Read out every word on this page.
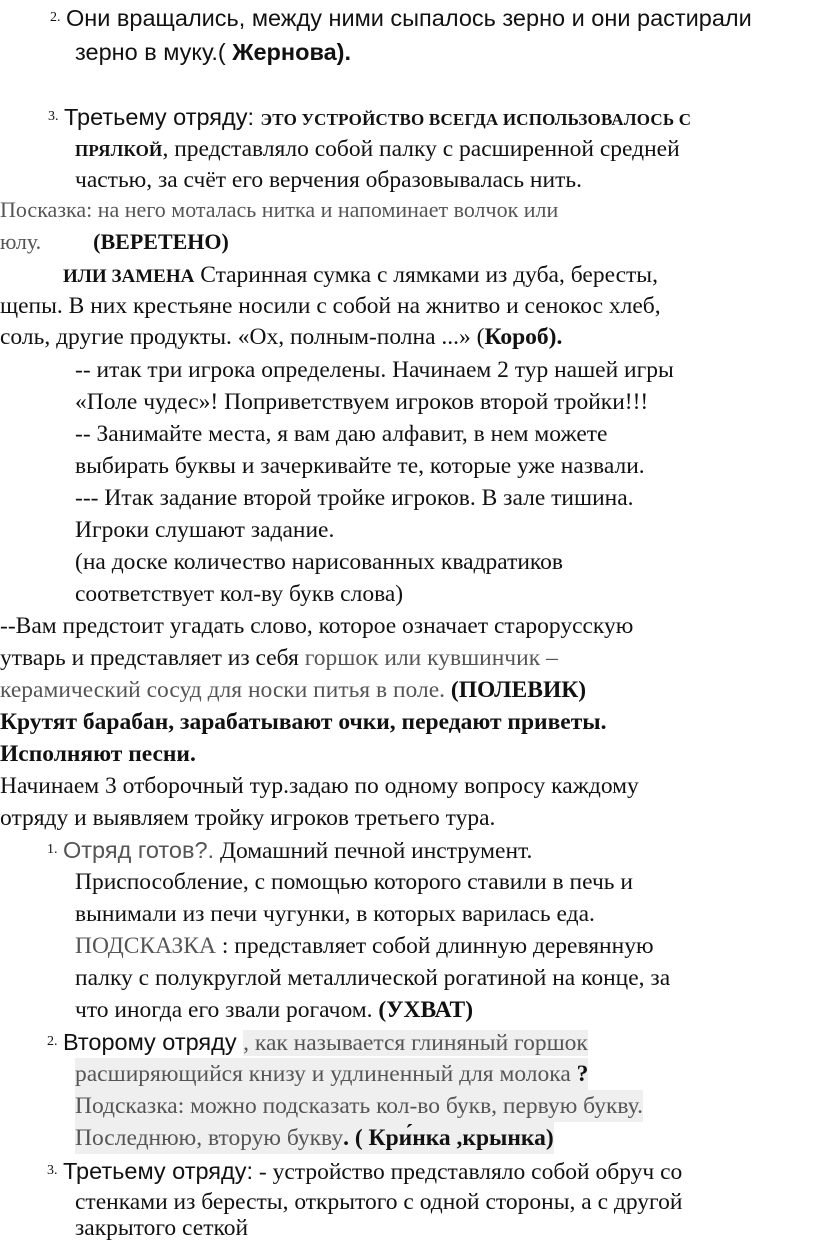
2. Они вращались, между ними сыпалось зерно и они растирали
зерно в муку.( Жернова).
3. Третьему отряду: ЭТО УСТРОЙСТВО ВСЕГДА ИСПОЛЬЗОВАЛОСЬ С
ПРЯЛКОЙ, представляло собой палку с расширенной средней
частью, за счёт его верчения образовывалась нить.
Посказка: на него моталась нитка и напоминает волчок или
юлу. (ВЕРЕТЕНО)
ИЛИ ЗАМЕНА Старинная сумка с лямками из дуба, бересты,
щепы. В них крестьяне носили с собой на жнитво и сенокос хлеб,
соль, другие продукты. «Ох, полным-полна ...» (Короб).
-- итак три игрока определены. Начинаем 2 тур нашей игры
«Поле чудес»! Поприветствуем игроков второй тройки!!!
-- Занимайте места, я вам даю алфавит, в нем можете
выбирать буквы и зачеркивайте те, которые уже назвали.
--- Итак задание второй тройке игроков. В зале тишина.
Игроки слушают задание.
(на доске количество нарисованных квадратиков
соответствует кол-ву букв слова)
--Вам предстоит угадать слово, которое означает старорусскую
утварь и представляет из себя горшок или кувшинчик –
керамический сосуд для носки питья в поле. (ПОЛЕВИК)
Крутят барабан, зарабатывают очки, передают приветы.
Исполняют песни.
Начинаем 3 отборочный тур.задаю по одному вопросу каждому
отряду и выявляем тройку игроков третьего тура.
1. Отряд готов?. Домашний печной инструмент.
Приспособление, с помощью которого ставили в печь и
вынимали из печи чугунки, в которых варилась еда.
ПОДСКАЗКА : представляет собой длинную деревянную
палку с полукруглой металлической рогатиной на конце, за
что иногда его звали рогачом. (УХВАТ)
2. Второму отряду , как называется глиняный горшок
расширяющийся книзу и удлиненный для молока ?
Подсказка: можно подсказать кол-во букв, первую букву.
Последнюю, вторую букву. ( Кри́нка ,крынка)
3. Третьему отряду: - устройство представляло собой обруч со
стенками из бересты, открытого с одной стороны, а с другой
закрытого сеткой
